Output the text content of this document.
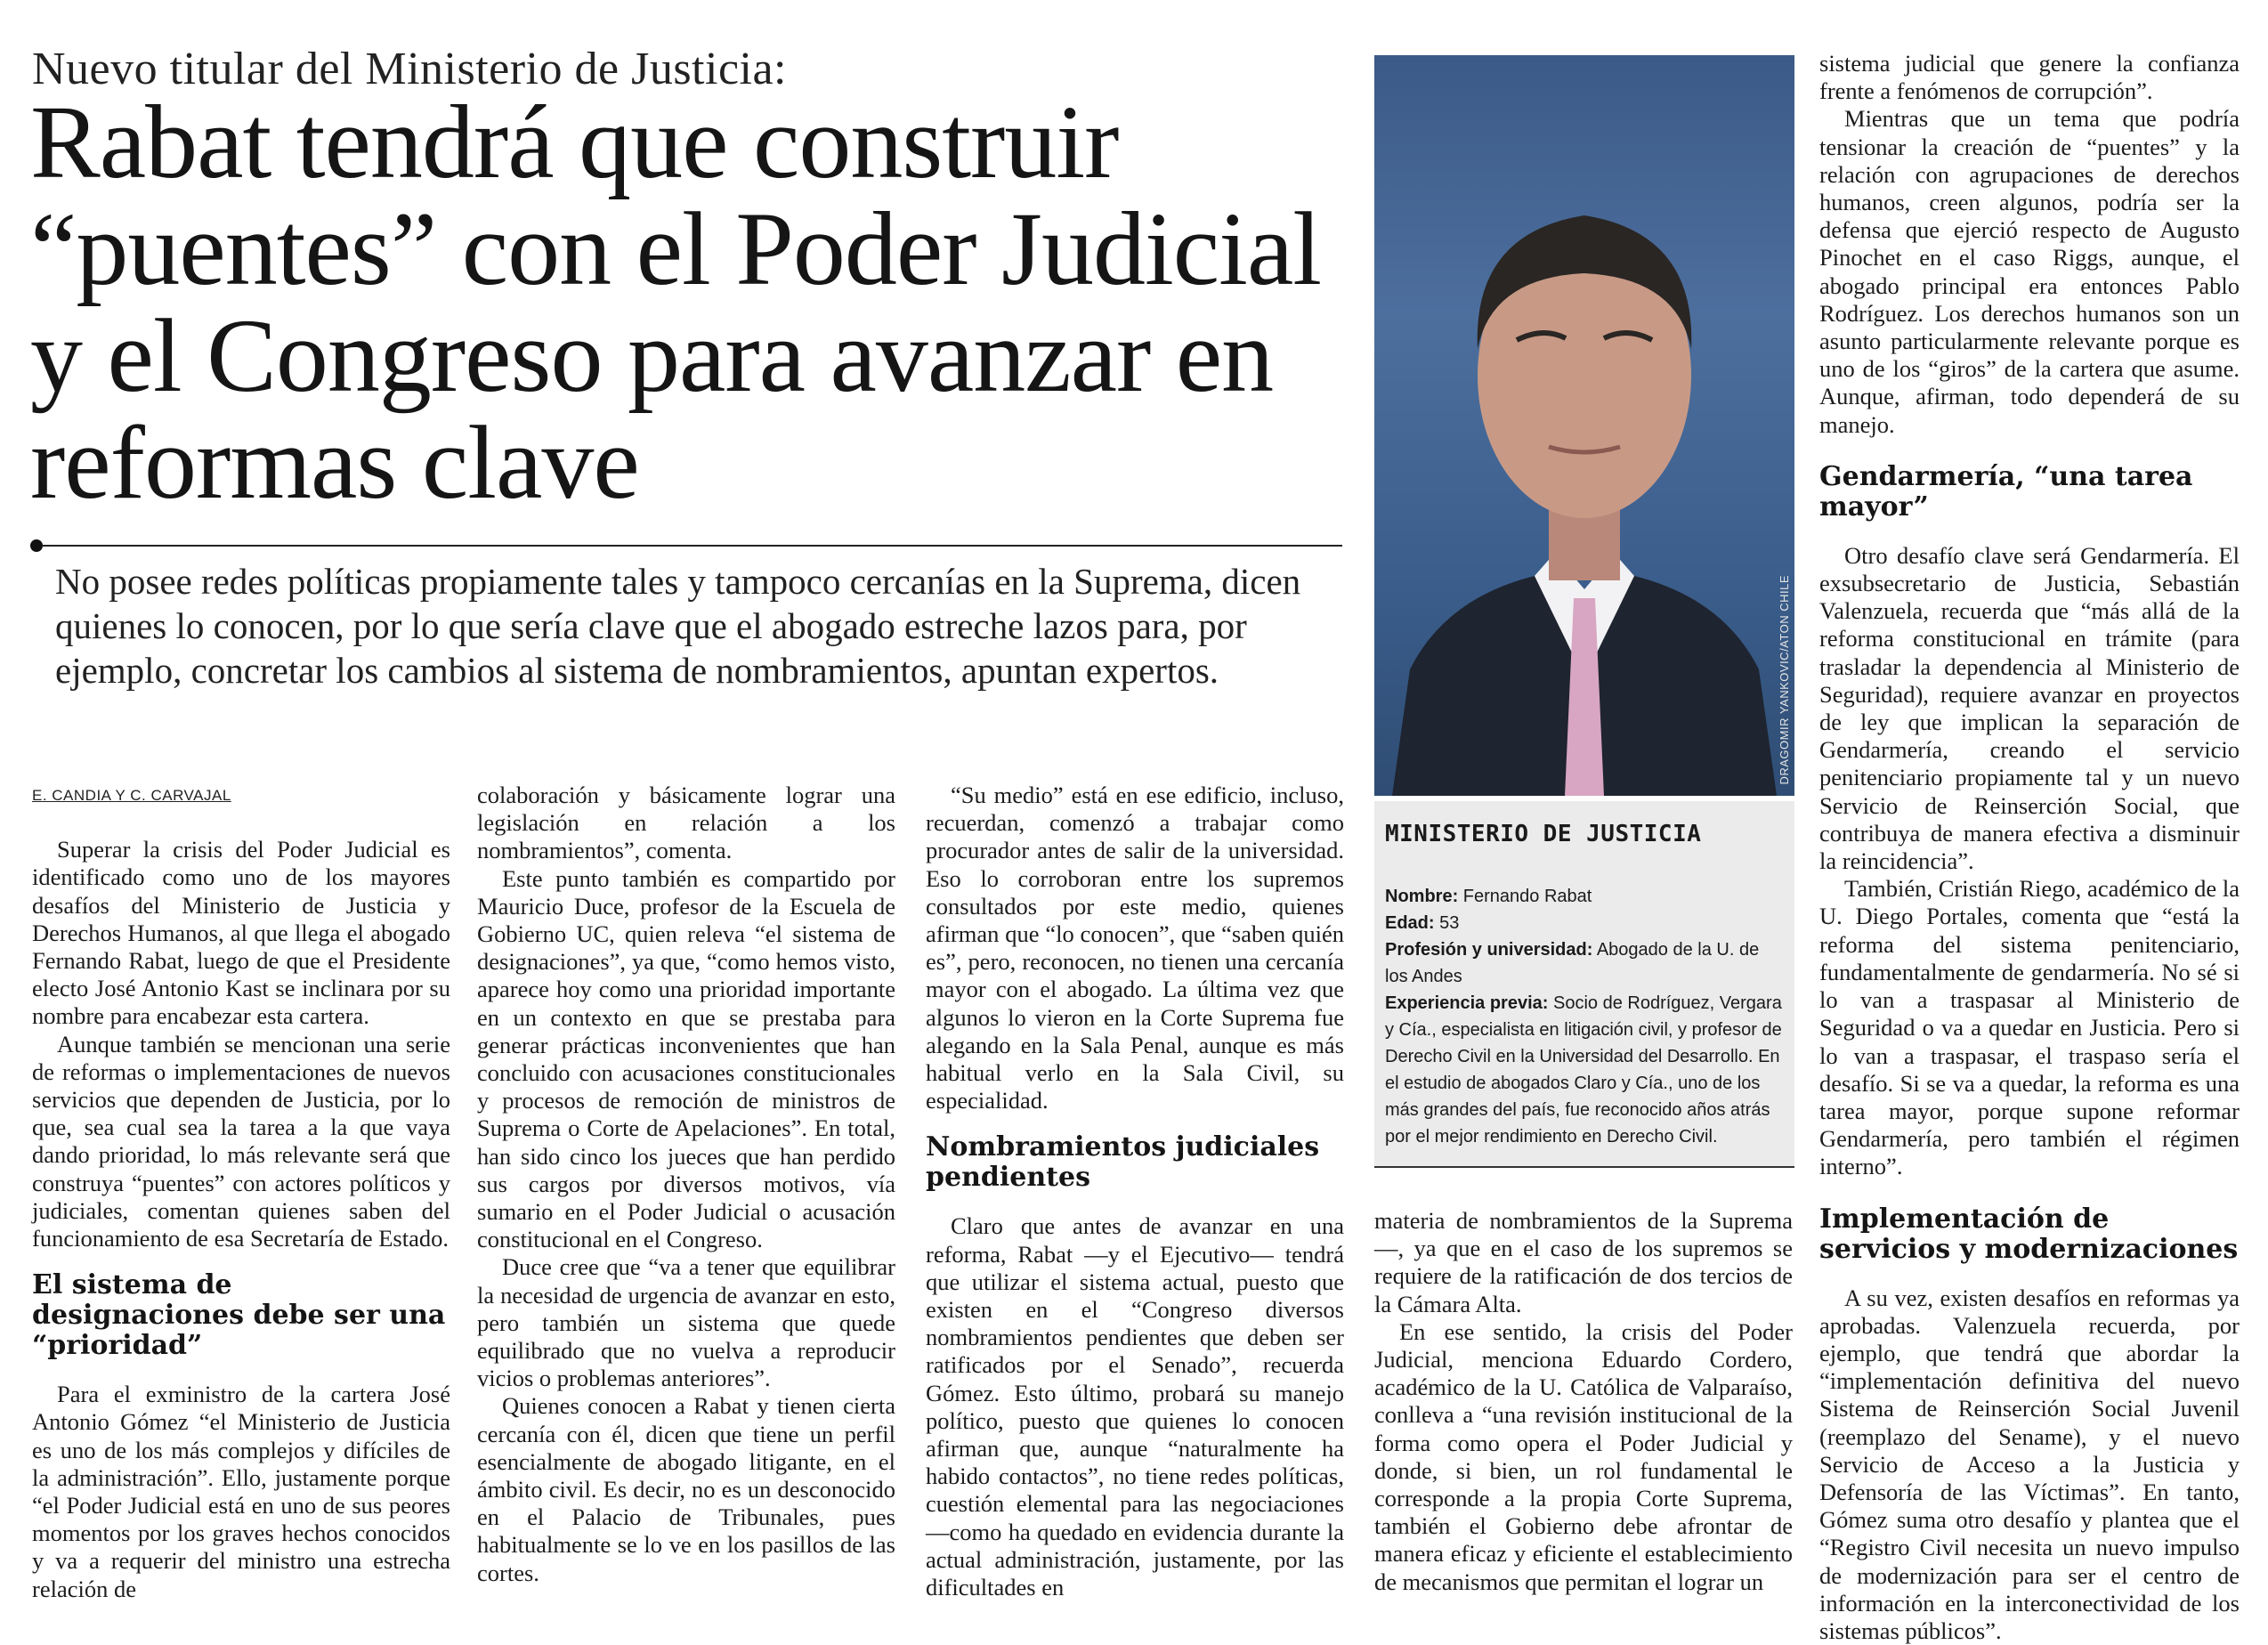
Nuevo titular del Ministerio de Justicia:
Rabat tendrá que construir “puentes” con el Poder Judicial y el Congreso para avanzar en reformas clave

No posee redes políticas propiamente tales y tampoco cercanías en la Suprema, dicen quienes lo conocen, por lo que sería clave que el abogado estreche lazos para, por ejemplo, concretar los cambios al sistema de nombramientos, apuntan expertos.

E. CANDIA Y C. CARVAJAL

Superar la crisis del Poder Judicial es identificado como uno de los mayores desafíos del Ministerio de Justicia y Derechos Humanos, al que llega el abogado Fernando Rabat, luego de que el Presidente electo José Antonio Kast se inclinara por su nombre para encabezar esta cartera.

Aunque también se mencionan una serie de reformas o implementaciones de nuevos servicios que dependen de Justicia, por lo que, sea cual sea la tarea a la que vaya dando prioridad, lo más relevante será que construya “puentes” con actores políticos y judiciales, comentan quienes saben del funcionamiento de esa Secretaría de Estado.

El sistema de designaciones debe ser una “prioridad”

Para el exministro de la cartera José Antonio Gómez “el Ministerio de Justicia es uno de los más complejos y difíciles de la administración”. Ello, justamente porque “el Poder Judicial está en uno de sus peores momentos por los graves hechos conocidos y va a requerir del ministro una estrecha relación de

colaboración y básicamente lograr una legislación en relación a los nombramientos”, comenta.

Este punto también es compartido por Mauricio Duce, profesor de la Escuela de Gobierno UC, quien releva “el sistema de designaciones”, ya que, “como hemos visto, aparece hoy como una prioridad importante en un contexto en que se prestaba para generar prácticas inconvenientes que han concluido con acusaciones constitucionales y procesos de remoción de ministros de Suprema o Corte de Apelaciones”. En total, han sido cinco los jueces que han perdido sus cargos por diversos motivos, vía sumario en el Poder Judicial o acusación constitucional en el Congreso.

Duce cree que “va a tener que equilibrar la necesidad de urgencia de avanzar en esto, pero también un sistema que quede equilibrado que no vuelva a reproducir vicios o problemas anteriores”.

Quienes conocen a Rabat y tienen cierta cercanía con él, dicen que tiene un perfil esencialmente de abogado litigante, en el ámbito civil. Es decir, no es un desconocido en el Palacio de Tribunales, pues habitualmente se lo ve en los pasillos de las cortes.

“Su medio” está en ese edificio, incluso, recuerdan, comenzó a trabajar como procurador antes de salir de la universidad. Eso lo corroboran entre los supremos consultados por este medio, quienes afirman que “lo conocen”, que “saben quién es”, pero, reconocen, no tienen una cercanía mayor con el abogado. La última vez que algunos lo vieron en la Corte Suprema fue alegando en la Sala Penal, aunque es más habitual verlo en la Sala Civil, su especialidad.

Nombramientos judiciales pendientes

Claro que antes de avanzar en una reforma, Rabat —y el Ejecutivo— tendrá que utilizar el sistema actual, puesto que existen en el “Congreso diversos nombramientos pendientes que deben ser ratificados por el Senado”, recuerda Gómez. Esto último, probará su manejo político, puesto que quienes lo conocen afirman que, aunque “naturalmente ha habido contactos”, no tiene redes políticas, cuestión elemental para las negociaciones —como ha quedado en evidencia durante la actual administración, justamente, por las dificultades en

DRAGOMIR YANKOVIC/ATON CHILE
MINISTERIO DE JUSTICIA
Nombre: Fernando Rabat
Edad: 53
Profesión y universidad: Abogado de la U. de los Andes
Experiencia previa: Socio de Rodríguez, Vergara y Cía., especialista en litigación civil, y profesor de Derecho Civil en la Universidad del Desarrollo. En el estudio de abogados Claro y Cía., uno de los más grandes del país, fue reconocido años atrás por el mejor rendimiento en Derecho Civil.

materia de nombramientos de la Suprema—, ya que en el caso de los supremos se requiere de la ratificación de dos tercios de la Cámara Alta.

En ese sentido, la crisis del Poder Judicial, menciona Eduardo Cordero, académico de la U. Católica de Valparaíso, conlleva a “una revisión institucional de la forma como opera el Poder Judicial y donde, si bien, un rol fundamental le corresponde a la propia Corte Suprema, también el Gobierno debe afrontar de manera eficaz y eficiente el establecimiento de mecanismos que permitan el lograr un

sistema judicial que genere la confianza frente a fenómenos de corrupción”.

Mientras que un tema que podría tensionar la creación de “puentes” y la relación con agrupaciones de derechos humanos, creen algunos, podría ser la defensa que ejerció respecto de Augusto Pinochet en el caso Riggs, aunque, el abogado principal era entonces Pablo Rodríguez. Los derechos humanos son un asunto particularmente relevante porque es uno de los “giros” de la cartera que asume. Aunque, afirman, todo dependerá de su manejo.

Gendarmería, “una tarea mayor”

Otro desafío clave será Gendarmería. El exsubsecretario de Justicia, Sebastián Valenzuela, recuerda que “más allá de la reforma constitucional en trámite (para trasladar la dependencia al Ministerio de Seguridad), requiere avanzar en proyectos de ley que implican la separación de Gendarmería, creando el servicio penitenciario propiamente tal y un nuevo Servicio de Reinserción Social, que contribuya de manera efectiva a disminuir la reincidencia”.

También, Cristián Riego, académico de la U. Diego Portales, comenta que “está la reforma del sistema penitenciario, fundamentalmente de gendarmería. No sé si lo van a traspasar al Ministerio de Seguridad o va a quedar en Justicia. Pero si lo van a traspasar, el traspaso sería el desafío. Si se va a quedar, la reforma es una tarea mayor, porque supone reformar Gendarmería, pero también el régimen interno”.

Implementación de servicios y modernizaciones

A su vez, existen desafíos en reformas ya aprobadas. Valenzuela recuerda, por ejemplo, que tendrá que abordar la “implementación definitiva del nuevo Sistema de Reinserción Social Juvenil (reemplazo del Sename), y el nuevo Servicio de Acceso a la Justicia y Defensoría de las Víctimas”. En tanto, Gómez suma otro desafío y plantea que el “Registro Civil necesita un nuevo impulso de modernización para ser el centro de información en la interconectividad de los sistemas públicos”.
